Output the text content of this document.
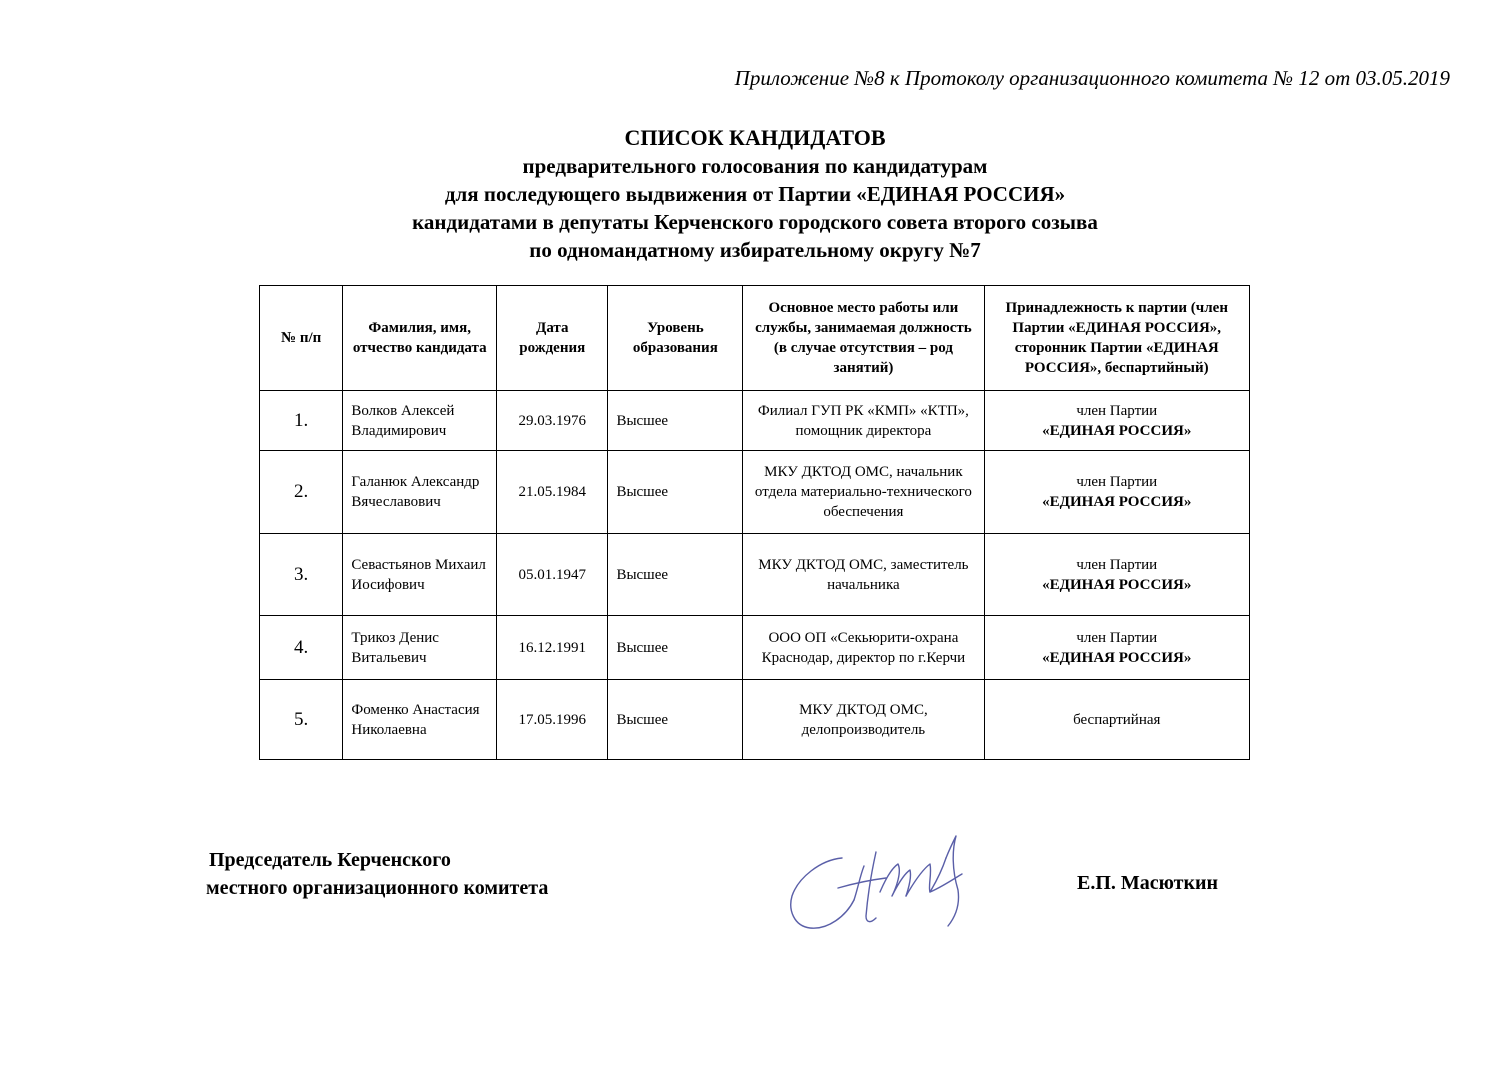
Приложение №8 к Протоколу организационного комитета № 12 от 03.05.2019
СПИСОК КАНДИДАТОВ
предварительного голосования по кандидатурам
для последующего выдвижения от Партии «ЕДИНАЯ РОССИЯ»
кандидатами в депутаты Керченского городского совета второго созыва
по одномандатному избирательному округу №7
№ п/п	Фамилия, имя, отчество кандидата	Дата рождения	Уровень образования	Основное место работы или службы, занимаемая должность (в случае отсутствия – род занятий)	Принадлежность к партии (член Партии «ЕДИНАЯ РОССИЯ», сторонник Партии «ЕДИНАЯ РОССИЯ», беспартийный)
1.	Волков Алексей Владимирович	29.03.1976	Высшее	Филиал ГУП РК «КМП» «КТП», помощник директора	член Партии
«ЕДИНАЯ РОССИЯ»

2.	Галанюк Александр Вячеславович	21.05.1984	Высшее	МКУ ДКТОД ОМС, начальник отдела материально-технического обеспечения	член Партии
«ЕДИНАЯ РОССИЯ»

3.	Севастьянов Михаил Иосифович	05.01.1947	Высшее	МКУ ДКТОД ОМС, заместитель начальника	член Партии
«ЕДИНАЯ РОССИЯ»

4.	Трикоз Денис Витальевич	16.12.1991	Высшее	ООО ОП «Секьюрити-охрана Краснодар, директор по г.Керчи	член Партии
«ЕДИНАЯ РОССИЯ»

5.	Фоменко Анастасия Николаевна	17.05.1996	Высшее	МКУ ДКТОД ОМС, делопроизводитель	беспартийная
Председатель Керченского
местного организационного комитета	Е.П. Масюткин
